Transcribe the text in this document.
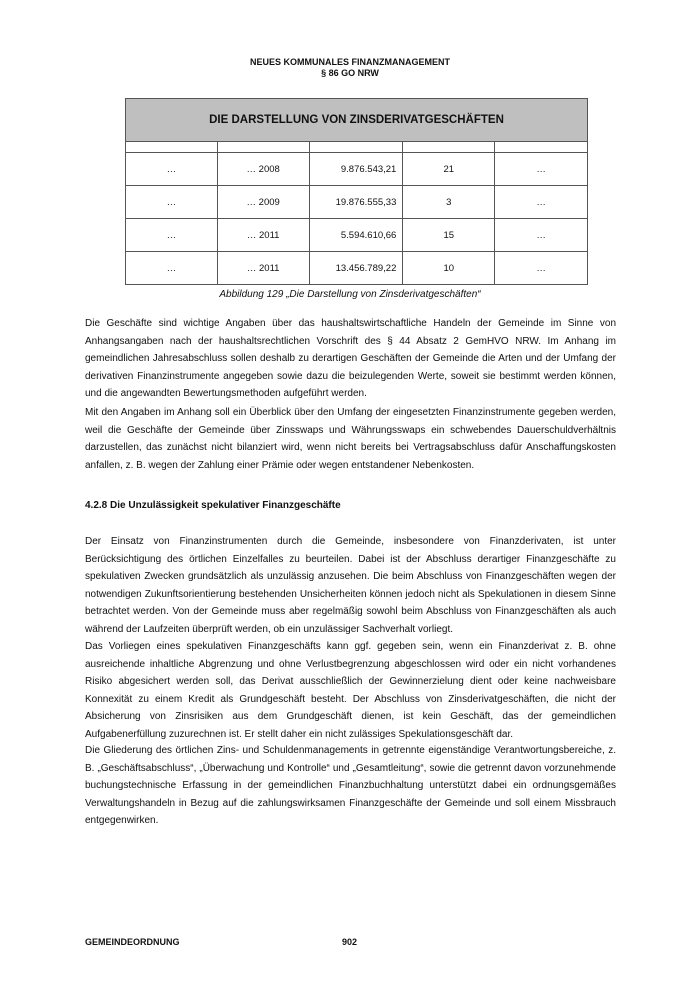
NEUES KOMMUNALES FINANZMANAGEMENT
§ 86 GO NRW
DIE DARSTELLUNG VON ZINSDERIVATGESCHÄFTEN				

…	… 2008	9.876.543,21	21	…
…	… 2009	19.876.555,33	3	…
…	… 2011	5.594.610,66	15	…
…	… 2011	13.456.789,22	10	…
Abbildung 129 „Die Darstellung von Zinsderivatgeschäften“

Die Geschäfte sind wichtige Angaben über das haushaltswirtschaftliche Handeln der Gemeinde im Sinne von Anhangsangaben nach der haushaltsrechtlichen Vorschrift des § 44 Absatz 2 GemHVO NRW. Im Anhang im gemeindlichen Jahresabschluss sollen deshalb zu derartigen Geschäften der Gemeinde die Arten und der Umfang der derivativen Finanzinstrumente angegeben sowie dazu die beizulegenden Werte, soweit sie bestimmt werden können, und die angewandten Bewertungsmethoden aufgeführt werden.

Mit den Angaben im Anhang soll ein Überblick über den Umfang der eingesetzten Finanzinstrumente gegeben werden, weil die Geschäfte der Gemeinde über Zinsswaps und Währungsswaps ein schwebendes Dauerschuldverhältnis darzustellen, das zunächst nicht bilanziert wird, wenn nicht bereits bei Vertragsabschluss dafür Anschaffungskosten anfallen, z. B. wegen der Zahlung einer Prämie oder wegen entstandener Nebenkosten.

4.2.8 Die Unzulässigkeit spekulativer Finanzgeschäfte

Der Einsatz von Finanzinstrumenten durch die Gemeinde, insbesondere von Finanzderivaten, ist unter Berücksichtigung des örtlichen Einzelfalles zu beurteilen. Dabei ist der Abschluss derartiger Finanzgeschäfte zu spekulativen Zwecken grundsätzlich als unzulässig anzusehen. Die beim Abschluss von Finanzgeschäften wegen der notwendigen Zukunftsorientierung bestehenden Unsicherheiten können jedoch nicht als Spekulationen in diesem Sinne betrachtet werden. Von der Gemeinde muss aber regelmäßig sowohl beim Abschluss von Finanzgeschäften als auch während der Laufzeiten überprüft werden, ob ein unzulässiger Sachverhalt vorliegt.

Das Vorliegen eines spekulativen Finanzgeschäfts kann ggf. gegeben sein, wenn ein Finanzderivat z. B. ohne ausreichende inhaltliche Abgrenzung und ohne Verlustbegrenzung abgeschlossen wird oder ein nicht vorhandenes Risiko abgesichert werden soll, das Derivat ausschließlich der Gewinnerzielung dient oder keine nachweisbare Konnexität zu einem Kredit als Grundgeschäft besteht. Der Abschluss von Zinsderivatgeschäften, die nicht der Absicherung von Zinsrisiken aus dem Grundgeschäft dienen, ist kein Geschäft, das der gemeindlichen Aufgabenerfüllung zuzurechnen ist. Er stellt daher ein nicht zulässiges Spekulationsgeschäft dar.

Die Gliederung des örtlichen Zins- und Schuldenmanagements in getrennte eigenständige Verantwortungsbereiche, z. B. „Geschäftsabschluss“, „Überwachung und Kontrolle“ und „Gesamtleitung“, sowie die getrennt davon vorzunehmende buchungstechnische Erfassung in der gemeindlichen Finanzbuchhaltung unterstützt dabei ein ordnungsgemäßes Verwaltungshandeln in Bezug auf die zahlungswirksamen Finanzgeschäfte der Gemeinde und soll einem Missbrauch entgegenwirken.

GEMEINDEORDNUNG	902
